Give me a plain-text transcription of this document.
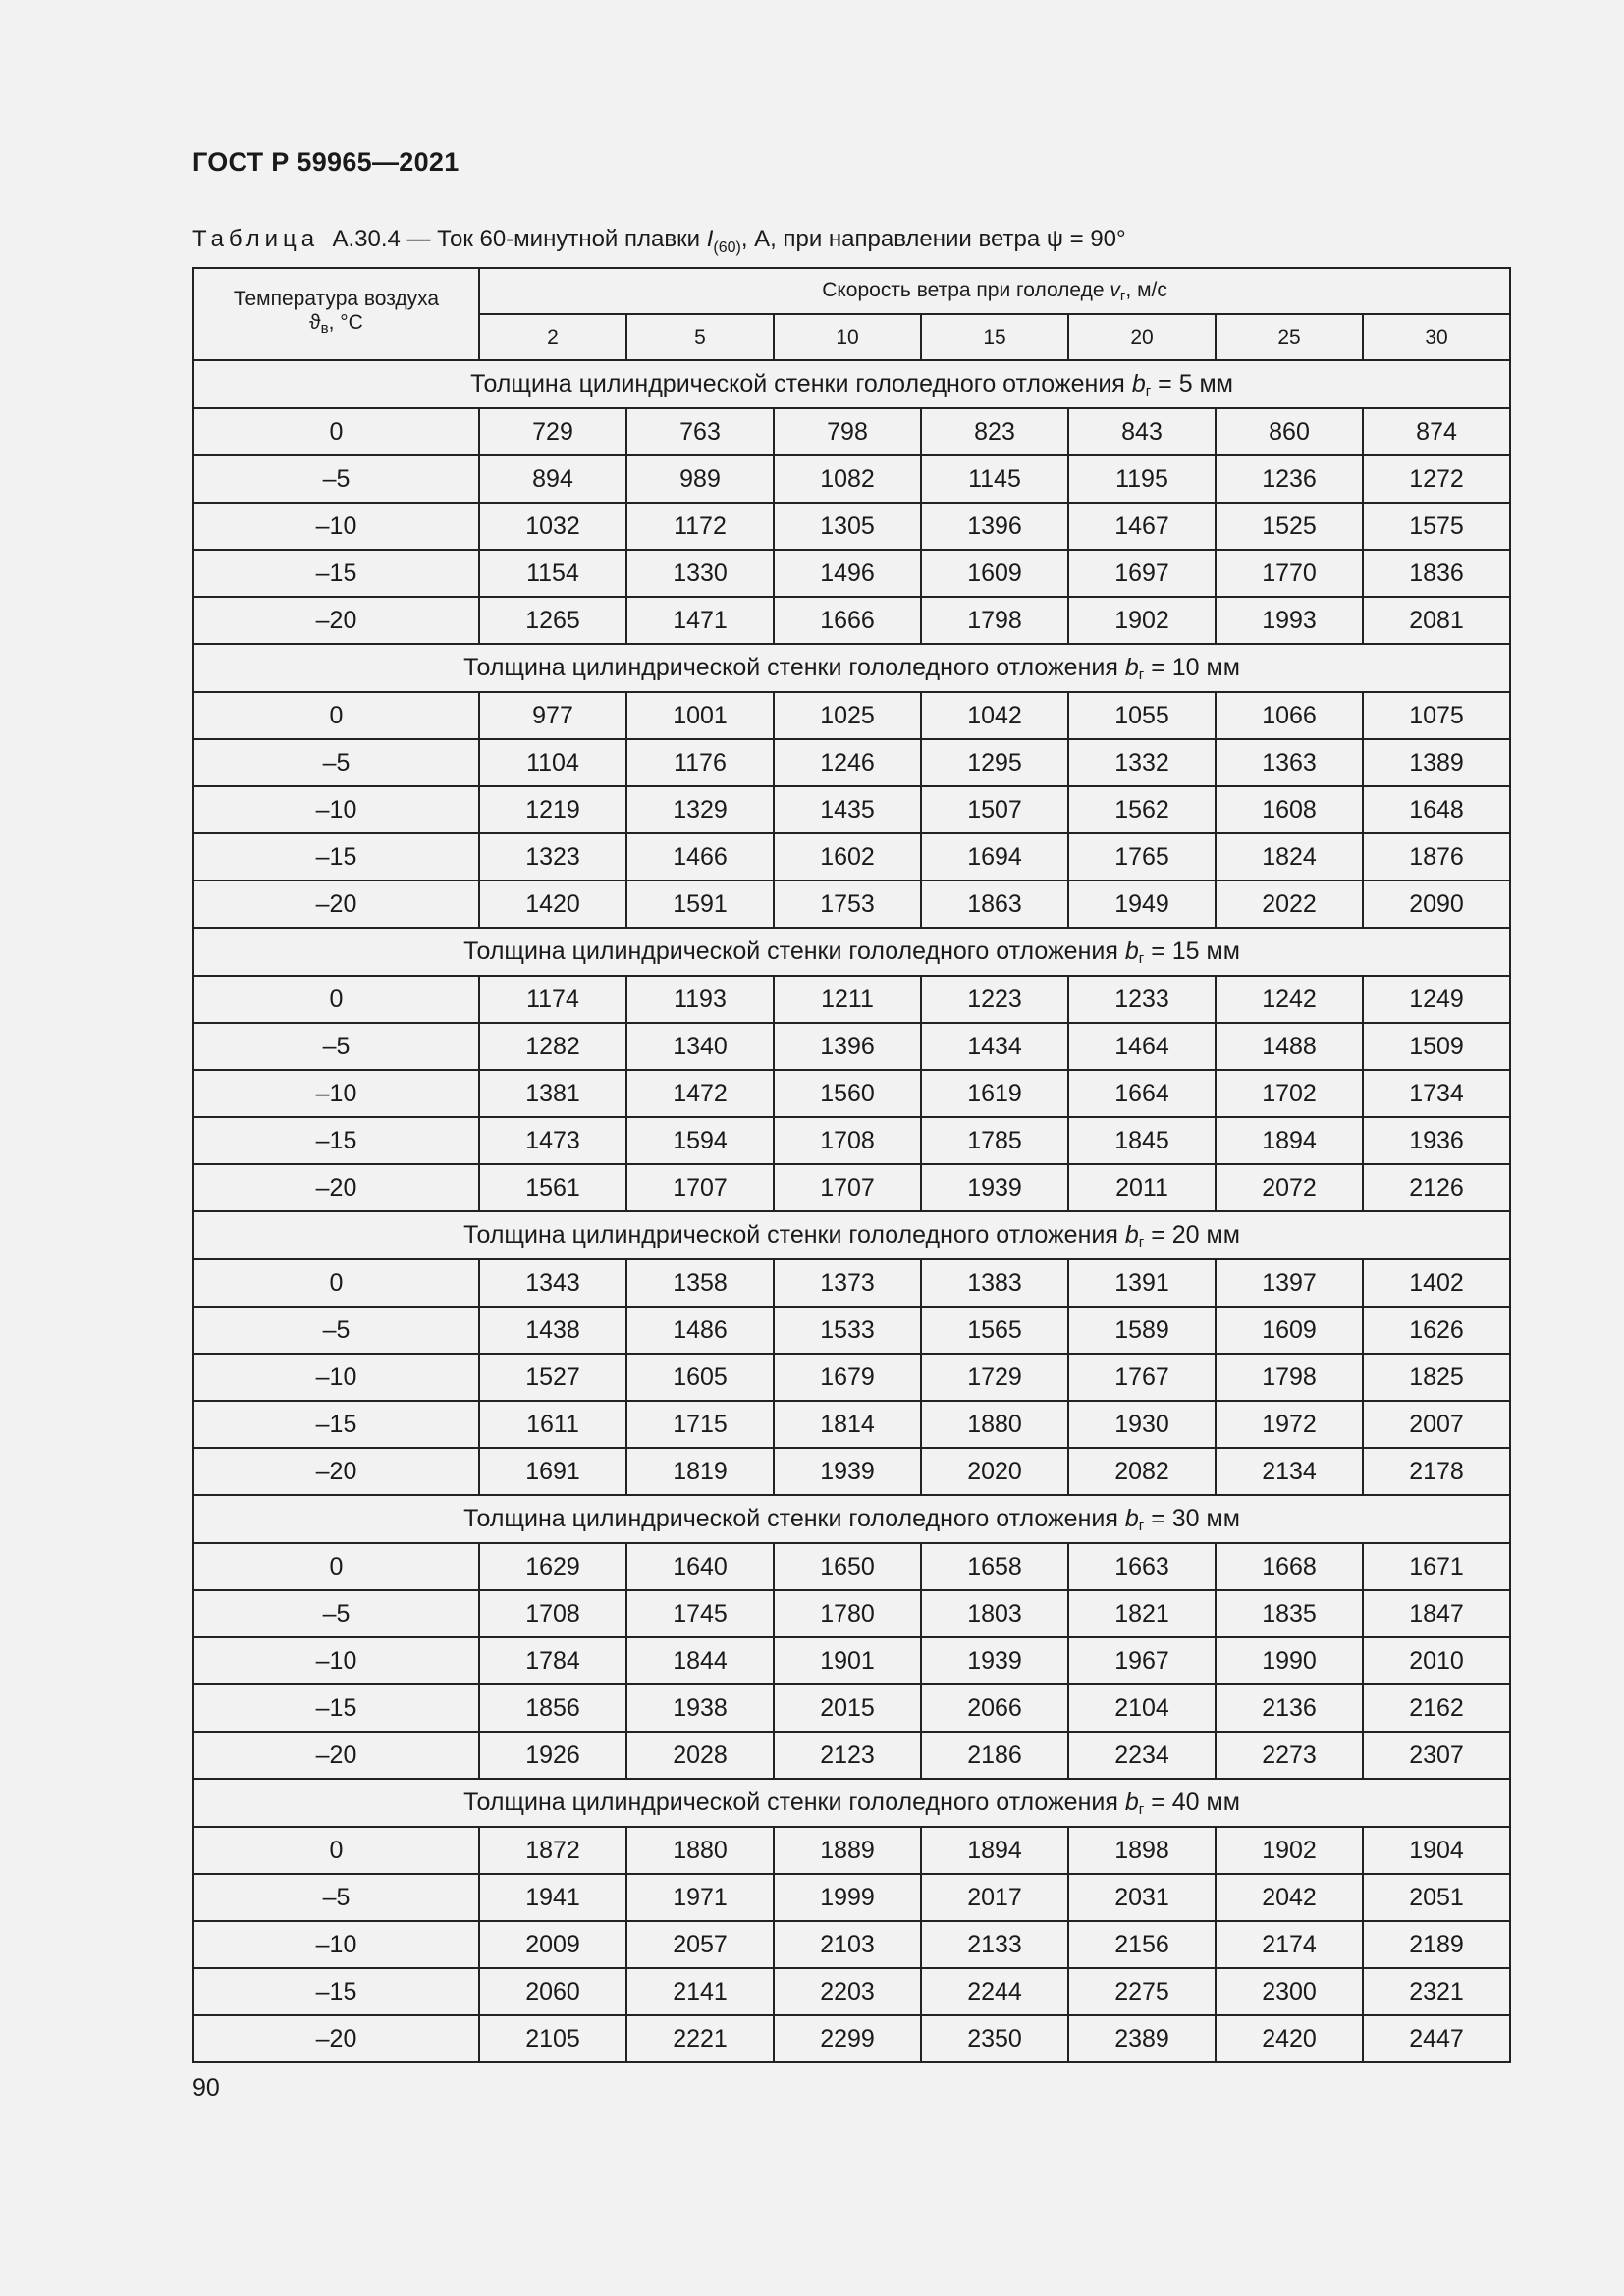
ГОСТ Р 59965—2021
Таблица А.30.4 — Ток 60-минутной плавки $I_{(60)}$, А, при направлении ветра ψ = 90°
Температура воздуха
$ϑ_в$, °C	Скорость ветра при гололеде $v_г$, м/с						
	2	5	10	15	20	25	30
Толщина цилиндрической стенки гололедного отложения $b_г = 5$ мм							
0	729	763	798	823	843	860	874
–5	894	989	1082	1145	1195	1236	1272
–10	1032	1172	1305	1396	1467	1525	1575
–15	1154	1330	1496	1609	1697	1770	1836
–20	1265	1471	1666	1798	1902	1993	2081
Толщина цилиндрической стенки гололедного отложения $b_г = 10$ мм							
0	977	1001	1025	1042	1055	1066	1075
–5	1104	1176	1246	1295	1332	1363	1389
–10	1219	1329	1435	1507	1562	1608	1648
–15	1323	1466	1602	1694	1765	1824	1876
–20	1420	1591	1753	1863	1949	2022	2090
Толщина цилиндрической стенки гололедного отложения $b_г = 15$ мм							
0	1174	1193	1211	1223	1233	1242	1249
–5	1282	1340	1396	1434	1464	1488	1509
–10	1381	1472	1560	1619	1664	1702	1734
–15	1473	1594	1708	1785	1845	1894	1936
–20	1561	1707	1707	1939	2011	2072	2126
Толщина цилиндрической стенки гололедного отложения $b_г = 20$ мм							
0	1343	1358	1373	1383	1391	1397	1402
–5	1438	1486	1533	1565	1589	1609	1626
–10	1527	1605	1679	1729	1767	1798	1825
–15	1611	1715	1814	1880	1930	1972	2007
–20	1691	1819	1939	2020	2082	2134	2178
Толщина цилиндрической стенки гололедного отложения $b_г = 30$ мм							
0	1629	1640	1650	1658	1663	1668	1671
–5	1708	1745	1780	1803	1821	1835	1847
–10	1784	1844	1901	1939	1967	1990	2010
–15	1856	1938	2015	2066	2104	2136	2162
–20	1926	2028	2123	2186	2234	2273	2307
Толщина цилиндрической стенки гололедного отложения $b_г = 40$ мм							
0	1872	1880	1889	1894	1898	1902	1904
–5	1941	1971	1999	2017	2031	2042	2051
–10	2009	2057	2103	2133	2156	2174	2189
–15	2060	2141	2203	2244	2275	2300	2321
–20	2105	2221	2299	2350	2389	2420	2447
90
